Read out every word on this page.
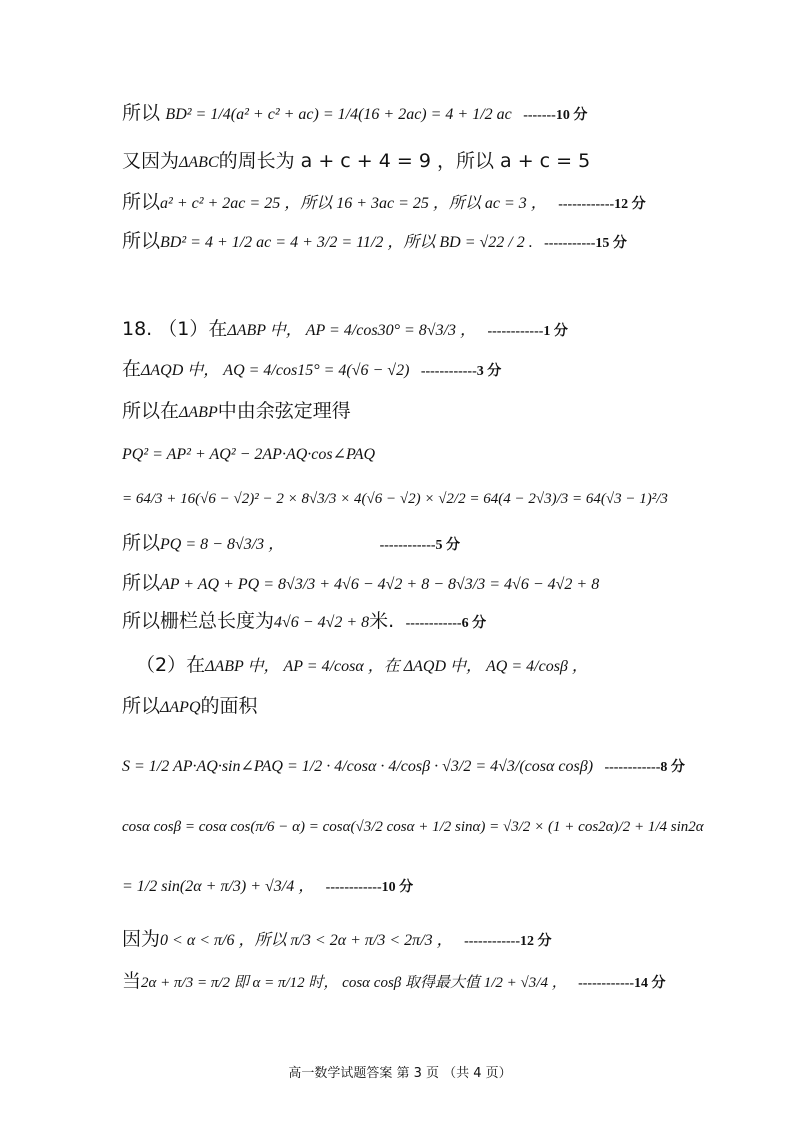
所以 BD² = 1/4(a² + c² + ac) = 1/4(16 + 2ac) = 4 + 1/2 ac -------10 分
又因为ΔABC的周长为 a + c + 4 = 9 ，所以 a + c = 5
所以a² + c² + 2ac = 25 ，所以 16 + 3ac = 25 ，所以 ac = 3 ， ------------12 分
所以BD² = 4 + 1/2 ac = 4 + 3/2 = 11/2 ，所以 BD = √22 / 2 . -----------15 分
18. （1）在ΔABP 中， AP = 4/cos30° = 8√3/3 ， ------------1 分
在ΔAQD 中， AQ = 4/cos15° = 4(√6 − √2) ------------3 分
所以在ΔABP中由余弦定理得
PQ² = AP² + AQ² − 2AP·AQ·cos∠PAQ
= 64/3 + 16(√6 − √2)² − 2 × 8√3/3 × 4(√6 − √2) × √2/2 = 64(4 − 2√3)/3 = 64(√3 − 1)²/3
所以PQ = 8 − 8√3/3 ，	------------5 分
所以AP + AQ + PQ = 8√3/3 + 4√6 − 4√2 + 8 − 8√3/3 = 4√6 − 4√2 + 8
所以栅栏总长度为4√6 − 4√2 + 8米. ------------6 分
（2）在ΔABP 中， AP = 4/cosα ，在 ΔAQD 中， AQ = 4/cosβ ，
所以ΔAPQ的面积
S = 1/2 AP·AQ·sin∠PAQ = 1/2 · 4/cosα · 4/cosβ · √3/2 = 4√3/(cosα cosβ) ------------8 分
cosα cosβ = cosα cos(π/6 − α) = cosα(√3/2 cosα + 1/2 sinα) = √3/2 × (1 + cos2α)/2 + 1/4 sin2α
= 1/2 sin(2α + π/3) + √3/4 ， ------------10 分
因为0 < α < π/6 ，所以 π/3 < 2α + π/3 < 2π/3 ， ------------12 分
当2α + π/3 = π/2 即 α = π/12 时， cosα cosβ 取得最大值 1/2 + √3/4 ， ------------14 分
高一数学试题答案 第 3 页 （共 4 页）
